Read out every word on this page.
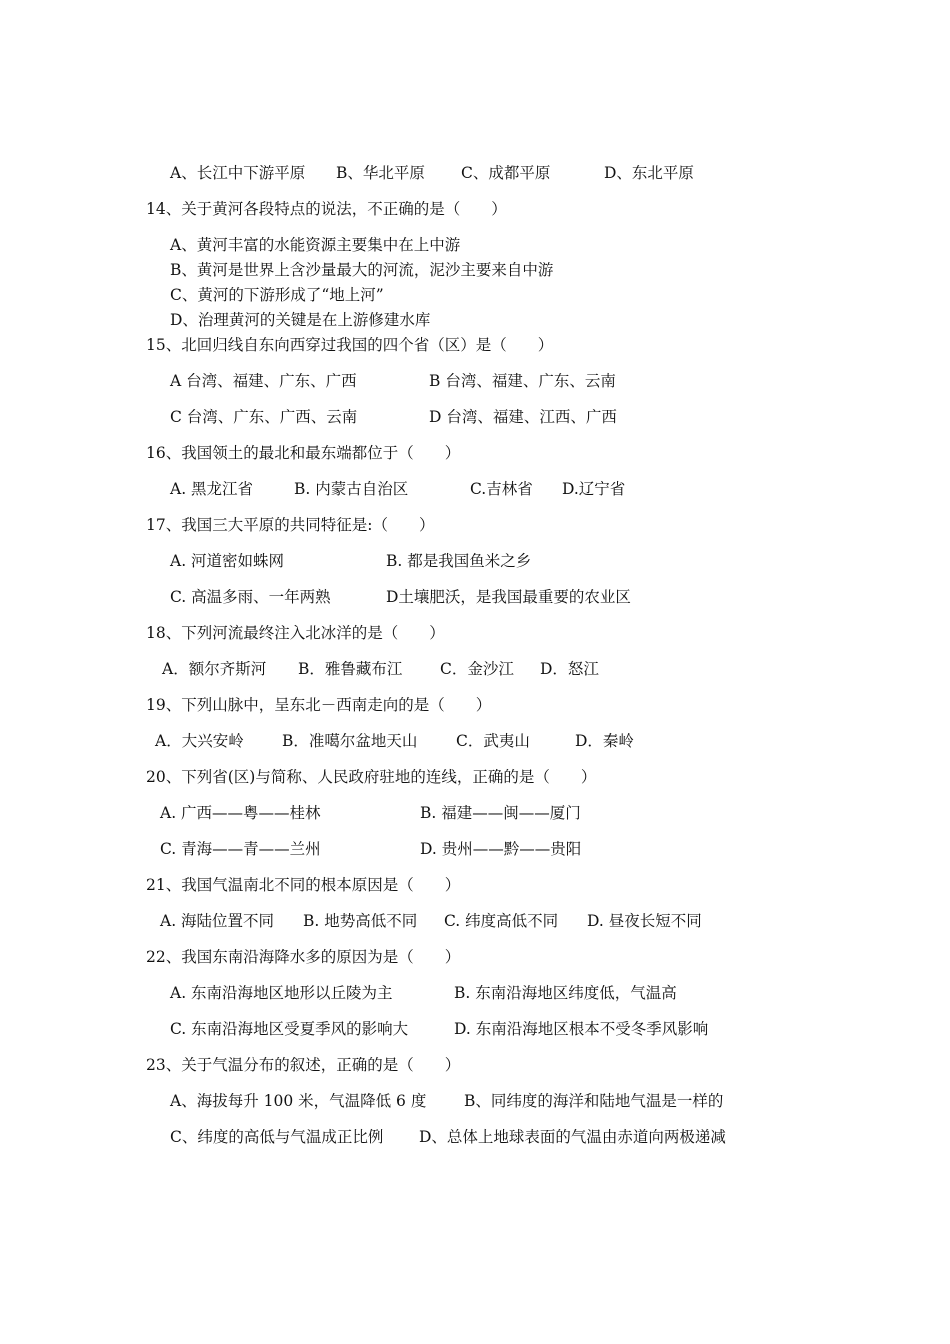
A、长江中下游平原 B、华北平原 C、成都平原	D、东北平原
14、关于黄河各段特点的说法，不正确的是（　　）
A、黄河丰富的水能资源主要集中在上中游
B、黄河是世界上含沙量最大的河流，泥沙主要来自中游
C、黄河的下游形成了“地上河”
D、治理黄河的关键是在上游修建水库
15、北回归线自东向西穿过我国的四个省（区）是（　　）
A 台湾、福建、广东、广西	B 台湾、福建、广东、云南
C 台湾、广东、广西、云南	D 台湾、福建、江西、广西
16、我国领土的最北和最东端都位于（　　）
A. 黑龙江省	B. 内蒙古自治区	C.吉林省 D.辽宁省
17、我国三大平原的共同特征是:（　　）
A. 河道密如蛛网	B. 都是我国鱼米之乡
C. 高温多雨、一年两熟	D土壤肥沃，是我国最重要的农业区
18、下列河流最终注入北冰洋的是（　　）
A．额尔齐斯河 B．雅鲁藏布江 C．金沙江 D．怒江
19、下列山脉中，呈东北－西南走向的是（　　）
A．大兴安岭 B．准噶尔盆地天山 C．武夷山	D．秦岭
20、下列省(区)与简称、人民政府驻地的连线，正确的是（　　）
A. 广西——粤——桂林	B. 福建——闽——厦门
C. 青海——青——兰州	D. 贵州——黔——贵阳
21、我国气温南北不同的根本原因是（　　）
A. 海陆位置不同 B. 地势高低不同 C. 纬度高低不同 D. 昼夜长短不同
22、我国东南沿海降水多的原因为是（　　）
A. 东南沿海地区地形以丘陵为主	B. 东南沿海地区纬度低，气温高
C. 东南沿海地区受夏季风的影响大	D. 东南沿海地区根本不受冬季风影响
23、关于气温分布的叙述，正确的是（　　）
A、海拔每升 100 米，气温降低 6 度 B、同纬度的海洋和陆地气温是一样的
C、纬度的高低与气温成正比例 D、总体上地球表面的气温由赤道向两极递减
